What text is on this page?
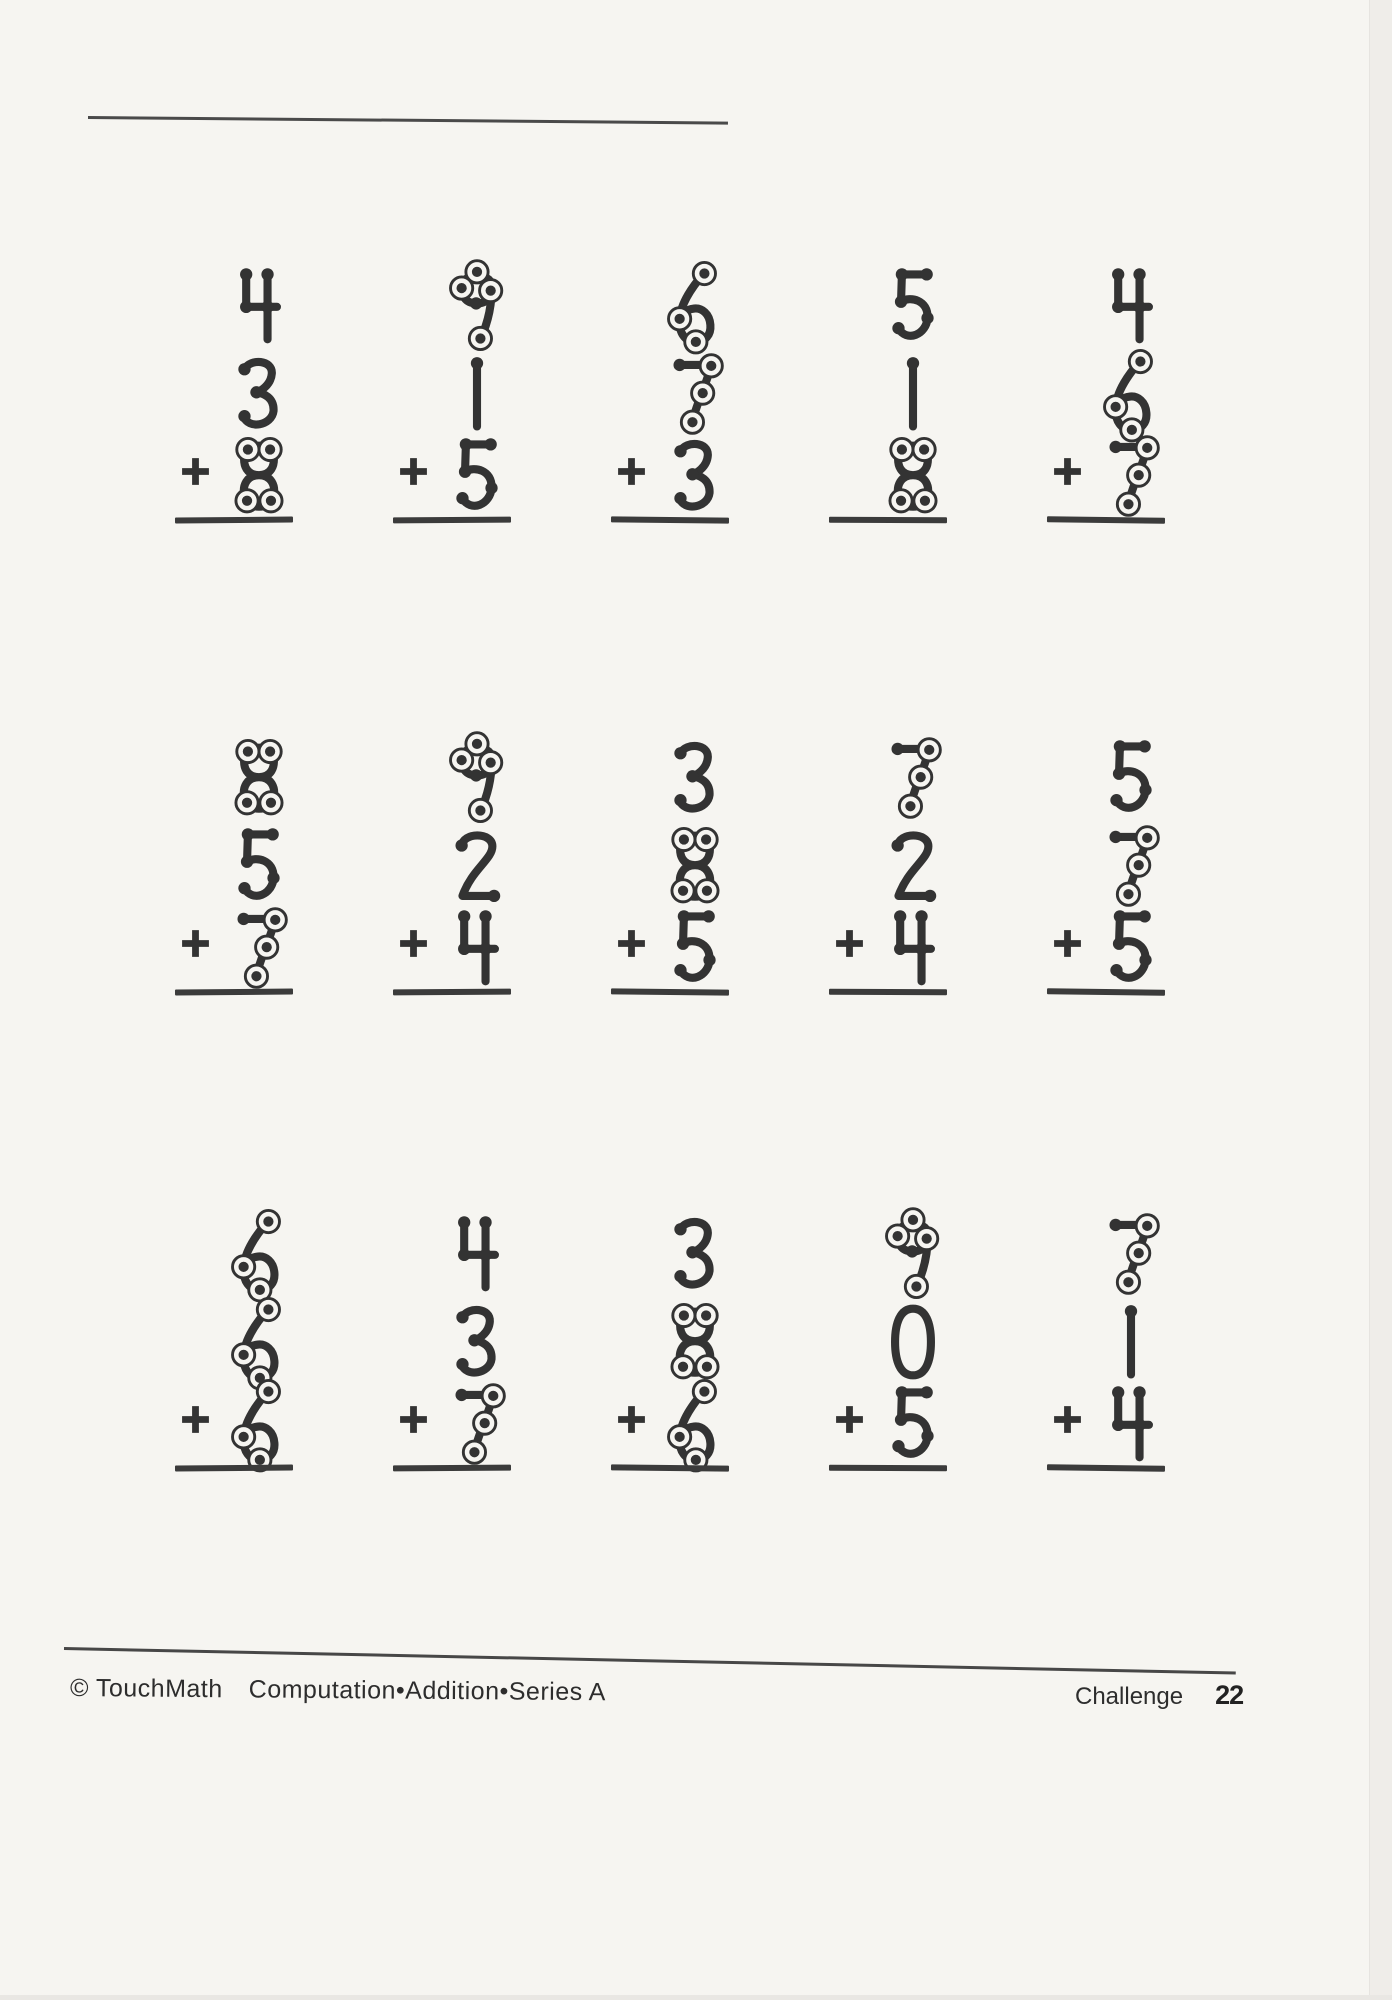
© TouchMath Computation•Addition•Series A	Challenge 22
